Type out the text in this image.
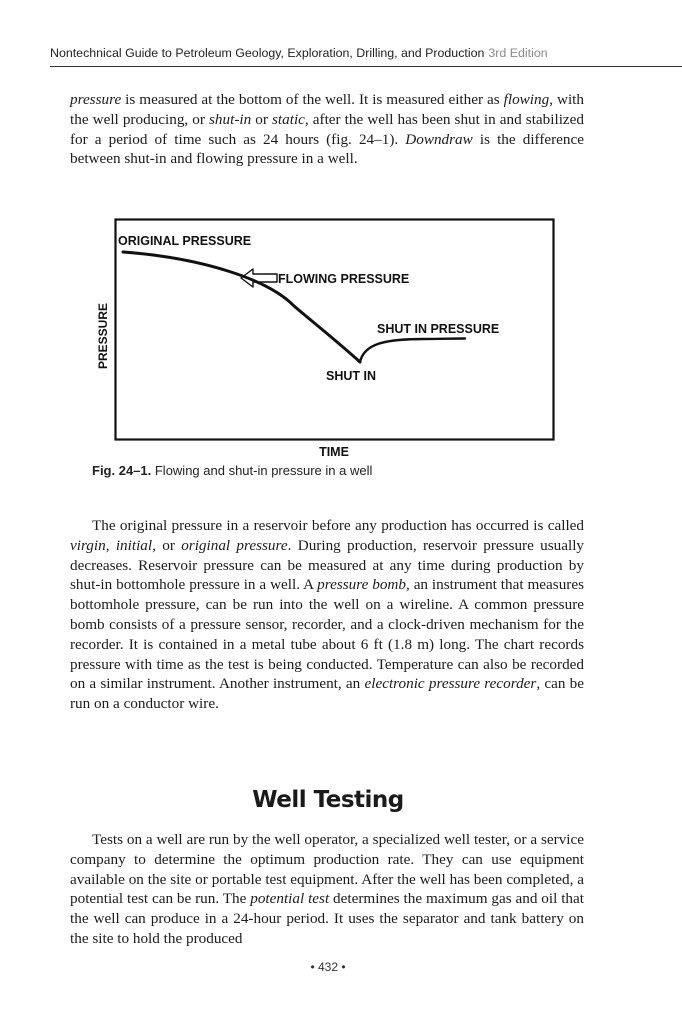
Nontechnical Guide to Petroleum Geology, Exploration, Drilling, and Production 3rd Edition

pressure is measured at the bottom of the well. It is measured either as flowing, with the well producing, or shut-in or static, after the well has been shut in and stabilized for a period of time such as 24 hours (fig. 24–1). Downdraw is the difference between shut-in and flowing pressure in a well.

ORIGINAL PRESSURE
FLOWING PRESSURE
SHUT IN PRESSURE
SHUT IN
PRESSURE
TIME
Fig. 24–1. Flowing and shut-in pressure in a well

The original pressure in a reservoir before any production has occurred is called virgin, initial, or original pressure. During production, reservoir pressure usually decreases. Reservoir pressure can be measured at any time during production by shut-in bottomhole pressure in a well. A pressure bomb, an instrument that measures bottomhole pressure, can be run into the well on a wireline. A common pressure bomb consists of a pressure sensor, recorder, and a clock-driven mechanism for the recorder. It is contained in a metal tube about 6 ft (1.8 m) long. The chart records pressure with time as the test is being conducted. Temperature can also be recorded on a similar instrument. Another instrument, an electronic pressure recorder, can be run on a conductor wire.

Well Testing

Tests on a well are run by the well operator, a specialized well tester, or a service company to determine the optimum production rate. They can use equipment available on the site or portable test equipment. After the well has been completed, a potential test can be run. The potential test determines the maximum gas and oil that the well can produce in a 24-hour period. It uses the separator and tank battery on the site to hold the produced

• 432 •
